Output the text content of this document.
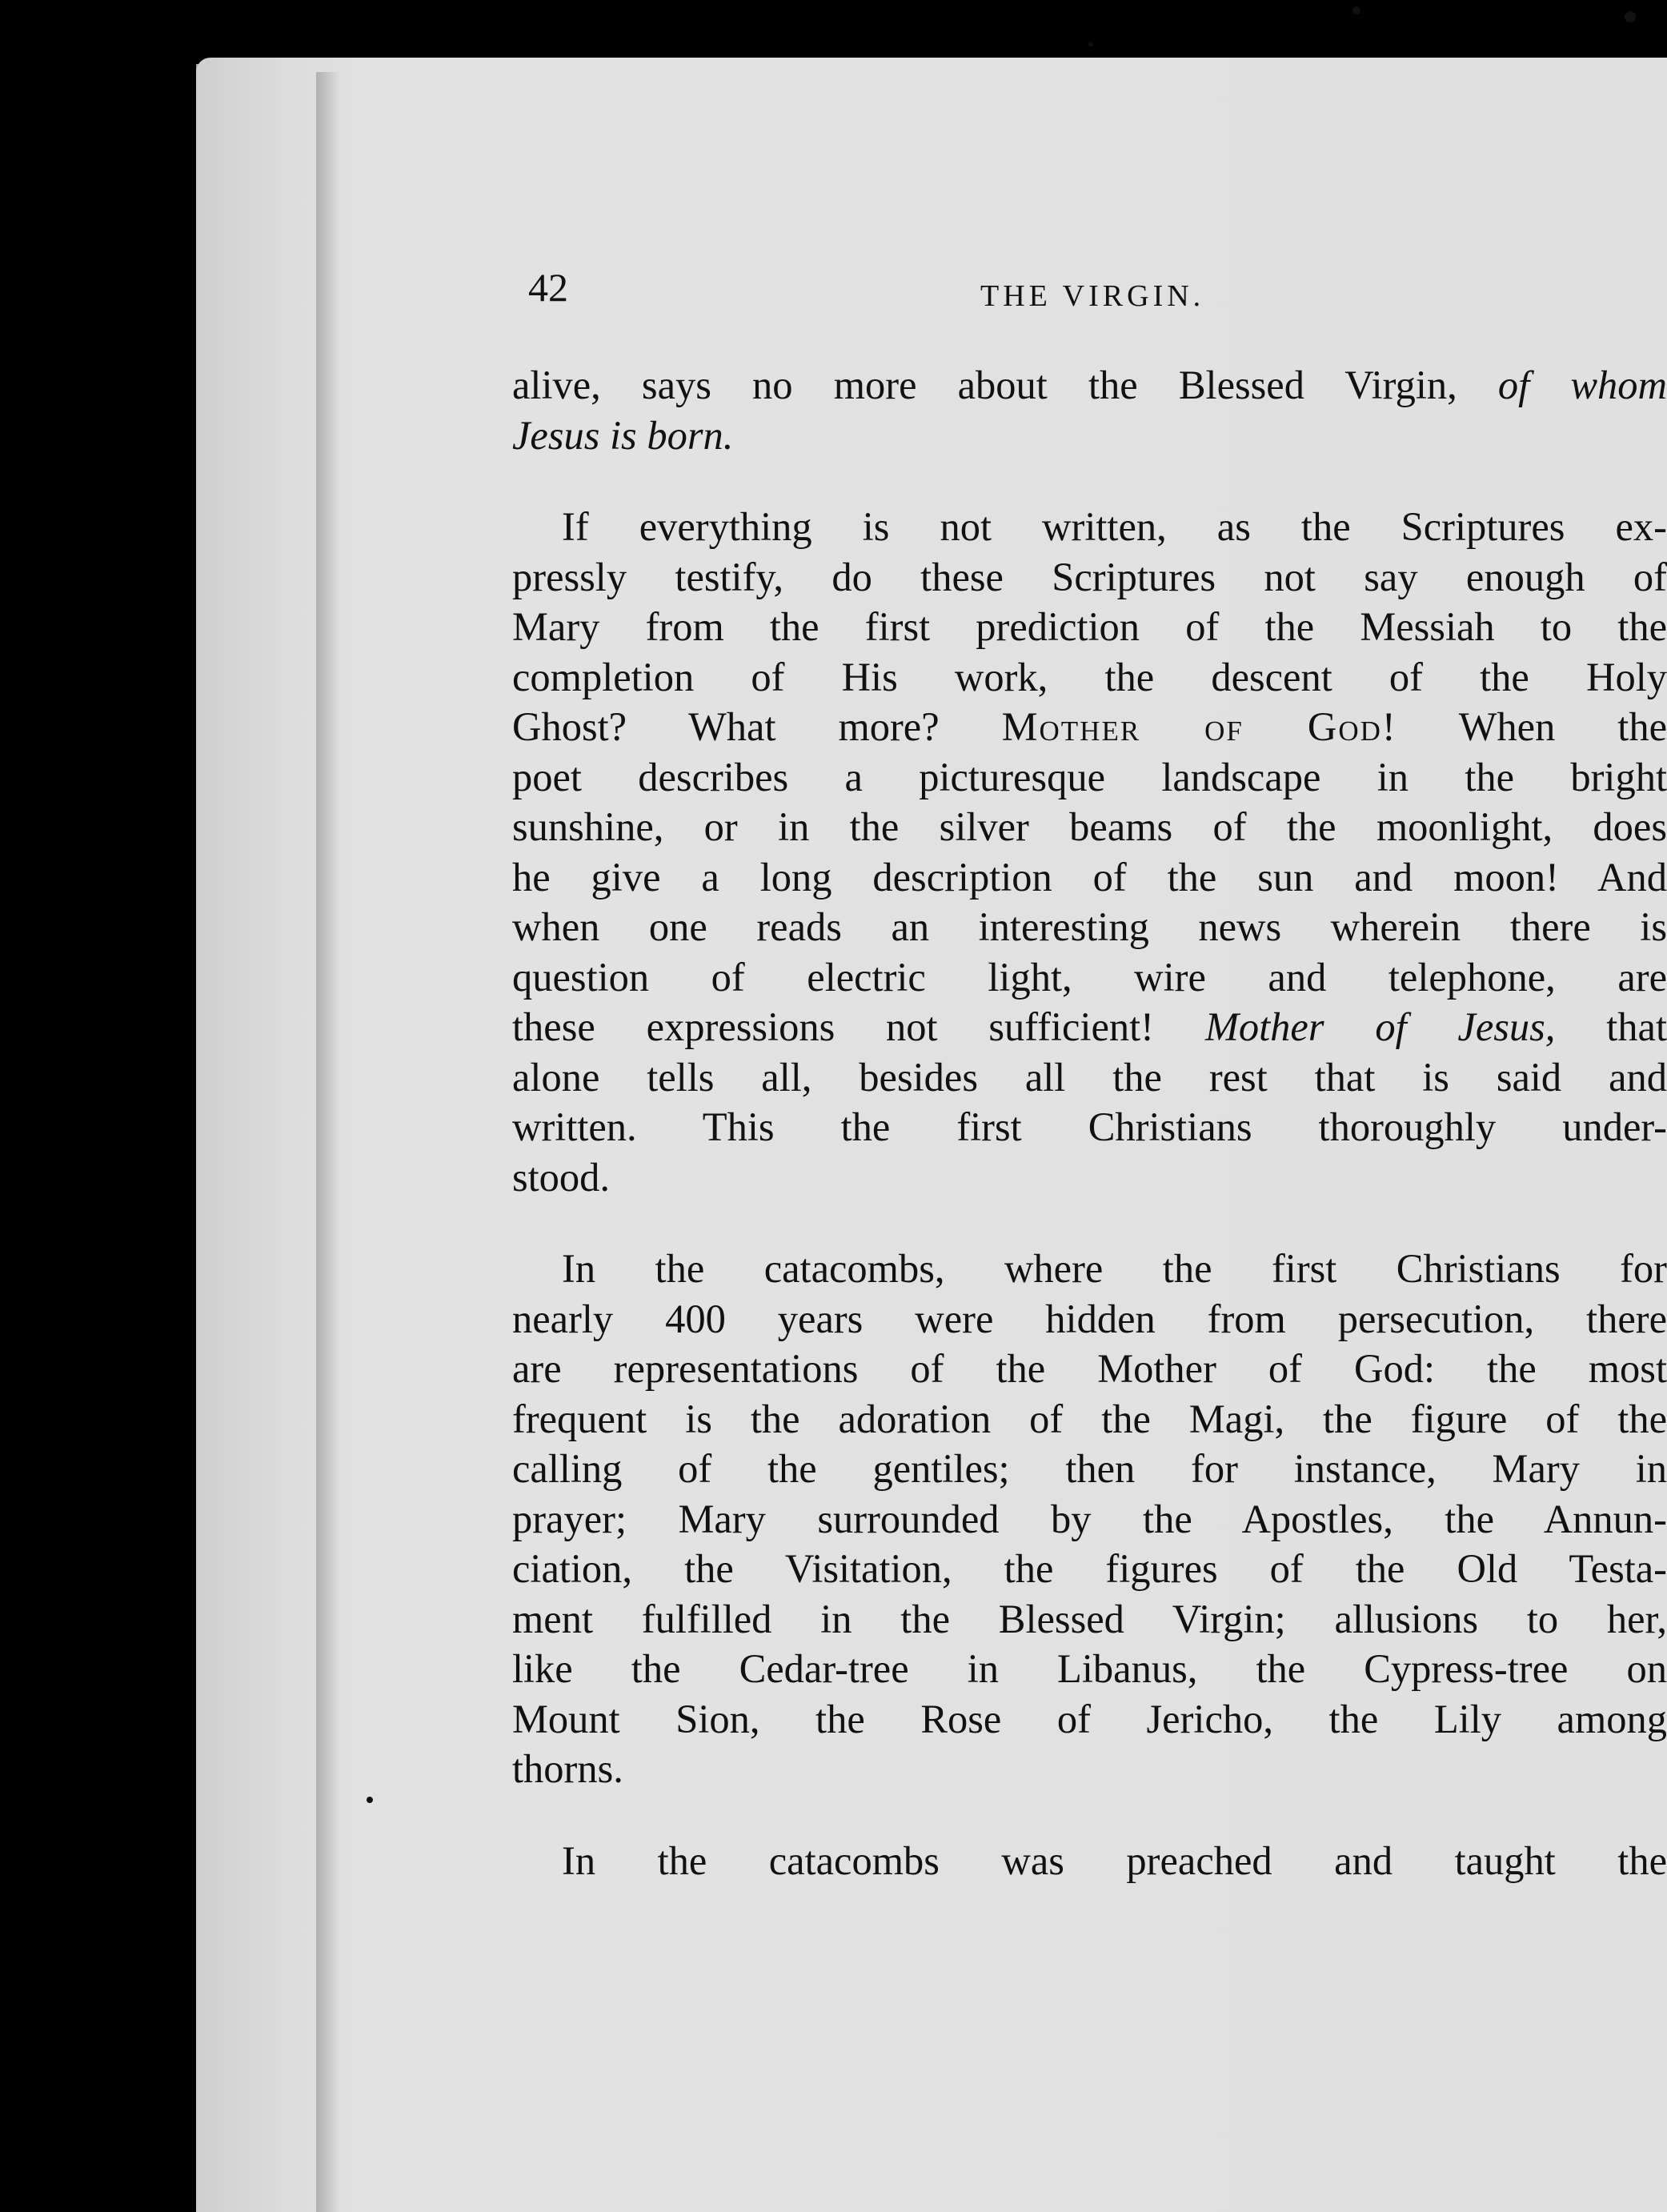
42	THE VIRGIN.
alive, says no more about the Blessed Virgin, of whom
Jesus is born.
If everything is not written, as the Scriptures ex-
pressly testify, do these Scriptures not say enough of
Mary from the first prediction of the Messiah to the
completion of His work, the descent of the Holy
Ghost? What more? Mother of God! When the
poet describes a picturesque landscape in the bright
sunshine, or in the silver beams of the moonlight, does
he give a long description of the sun and moon! And
when one reads an interesting news wherein there is
question of electric light, wire and telephone, are
these expressions not sufficient! Mother of Jesus, that
alone tells all, besides all the rest that is said and
written. This the first Christians thoroughly under-
stood.
In the catacombs, where the first Christians for
nearly 400 years were hidden from persecution, there
are representations of the Mother of God: the most
frequent is the adoration of the Magi, the figure of the
calling of the gentiles; then for instance, Mary in
prayer; Mary surrounded by the Apostles, the Annun-
ciation, the Visitation, the figures of the Old Testa-
ment fulfilled in the Blessed Virgin; allusions to her,
like the Cedar-tree in Libanus, the Cypress-tree on
Mount Sion, the Rose of Jericho, the Lily among
thorns.
In the catacombs was preached and taught the
